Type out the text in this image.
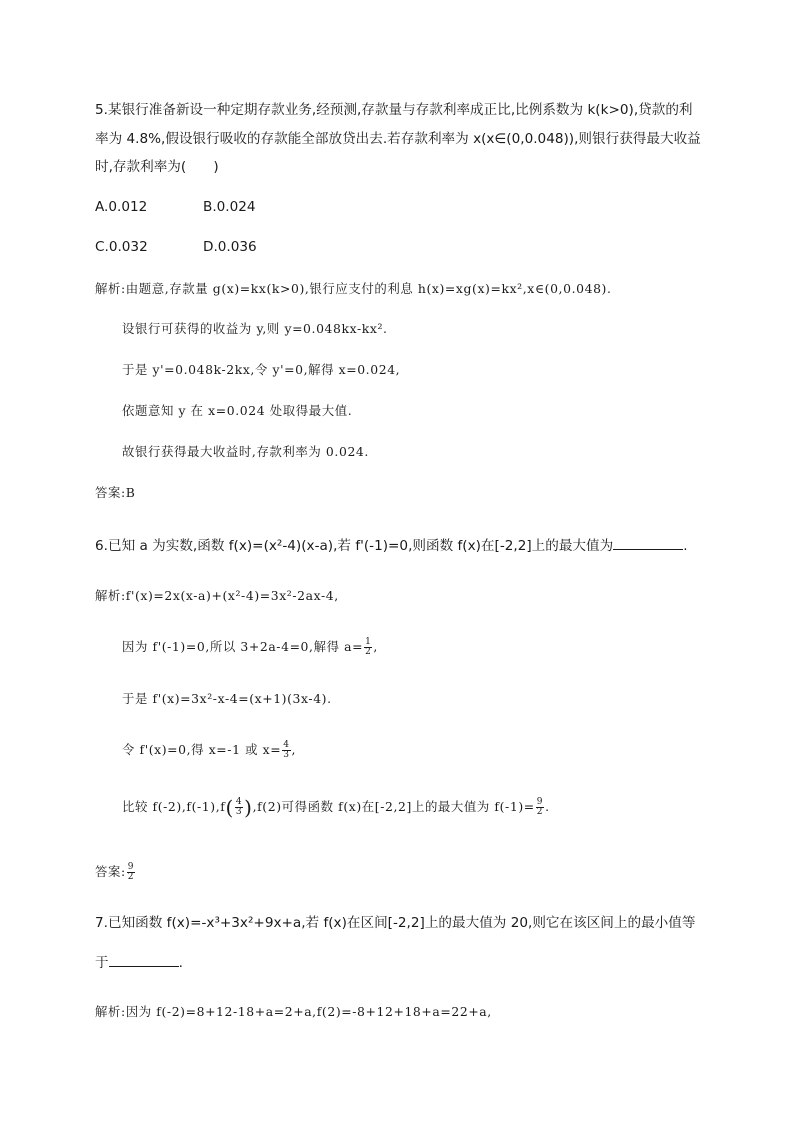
5.某银行准备新设一种定期存款业务,经预测,存款量与存款利率成正比,比例系数为 k(k>0),贷款的利
率为 4.8%,假设银行吸收的存款能全部放贷出去.若存款利率为 x(x∈(0,0.048)),则银行获得最大收益
时,存款利率为(　　)
A.0.012	B.0.024
C.0.032	D.0.036
解析:由题意,存款量 g(x)=kx(k>0),银行应支付的利息 h(x)=xg(x)=kx²,x∈(0,0.048).
设银行可获得的收益为 y,则 y=0.048kx-kx².
于是 y'=0.048k-2kx,令 y'=0,解得 x=0.024,
依题意知 y 在 x=0.024 处取得最大值.
故银行获得最大收益时,存款利率为 0.024.
答案:B
6.已知 a 为实数,函数 f(x)=(x²-4)(x-a),若 f'(-1)=0,则函数 f(x)在[-2,2]上的最大值为	.
解析:f'(x)=2x(x-a)+(x²-4)=3x²-2ax-4,
因为 f'(-1)=0,所以 3+2a-4=0,解得 $a= \frac{1}{2}$ ,
于是 f'(x)=3x²-x-4=(x+1)(3x-4).
令 f'(x)=0,得 x=-1 或 $x= \frac{4}{3}$ ,
比较 $f(-2),f(-1),f( \frac{4}{3} ),f(2)$可得函数 f(x)在[-2,2]上的最大值为 $f(-1)= \frac{9}{2}$ .
答案: $\frac{9}{2}$
7.已知函数 f(x)=-x³+3x²+9x+a,若 f(x)在区间[-2,2]上的最大值为 20,则它在该区间上的最小值等
于	.
解析:因为 f(-2)=8+12-18+a=2+a,f(2)=-8+12+18+a=22+a,
